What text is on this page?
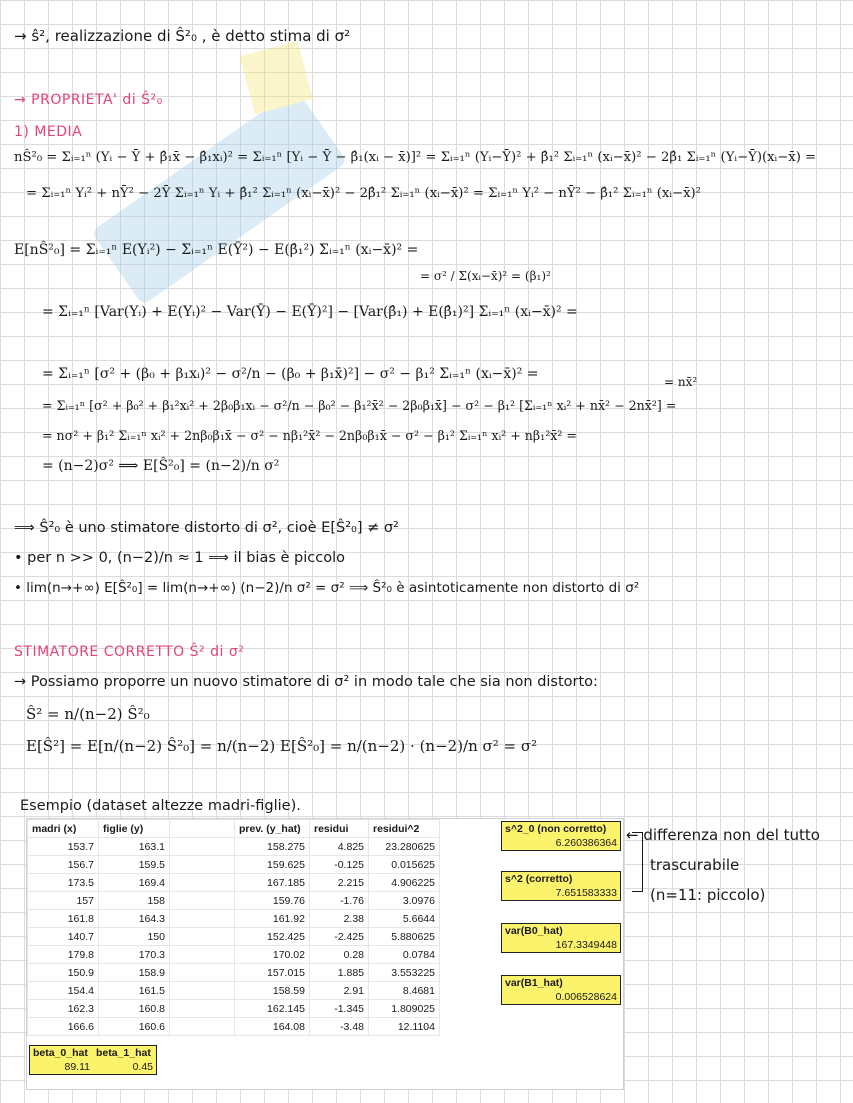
→ ŝ², realizzazione di Ŝ²₀ , è detto stima di σ²
→ PROPRIETA' di Ŝ²₀
1) MEDIA
nŜ²₀ = Σᵢ₌₁ⁿ (Yᵢ − Ȳ + β̂₁x̄ − β̂₁xᵢ)² = Σᵢ₌₁ⁿ [Yᵢ − Ȳ − β̂₁(xᵢ − x̄)]² = Σᵢ₌₁ⁿ (Yᵢ−Ȳ)² + β̂₁² Σᵢ₌₁ⁿ (xᵢ−x̄)² − 2β̂₁ Σᵢ₌₁ⁿ (Yᵢ−Ȳ)(xᵢ−x̄) =
= Σᵢ₌₁ⁿ Yᵢ² + nȲ² − 2Ȳ Σᵢ₌₁ⁿ Yᵢ + β̂₁² Σᵢ₌₁ⁿ (xᵢ−x̄)² − 2β̂₁² Σᵢ₌₁ⁿ (xᵢ−x̄)² = Σᵢ₌₁ⁿ Yᵢ² − nȲ² − β̂₁² Σᵢ₌₁ⁿ (xᵢ−x̄)²
E[nŜ²₀] = Σᵢ₌₁ⁿ E(Yᵢ²) − Σᵢ₌₁ⁿ E(Ȳ²) − E(β̂₁²) Σᵢ₌₁ⁿ (xᵢ−x̄)² =
= σ² / Σ(xᵢ−x̄)² = (β₁)²
= Σᵢ₌₁ⁿ [Var(Yᵢ) + E(Yᵢ)² − Var(Ȳ) − E(Ȳ)²] − [Var(β̂₁) + E(β̂₁)²] Σᵢ₌₁ⁿ (xᵢ−x̄)² =
= Σᵢ₌₁ⁿ [σ² + (β₀ + β₁xᵢ)² − σ²/n − (β₀ + β₁x̄)²] − σ² − β₁² Σᵢ₌₁ⁿ (xᵢ−x̄)² =	= nx̄²
= Σᵢ₌₁ⁿ [σ² + β₀² + β₁²xᵢ² + 2β₀β₁xᵢ − σ²/n − β₀² − β₁²x̄² − 2β₀β₁x̄] − σ² − β₁² [Σᵢ₌₁ⁿ xᵢ² + nx̄² − 2nx̄²] =
= nσ² + β₁² Σᵢ₌₁ⁿ xᵢ² + 2nβ₀β₁x̄ − σ² − nβ₁²x̄² − 2nβ₀β₁x̄ − σ² − β₁² Σᵢ₌₁ⁿ xᵢ² + nβ₁²x̄² =
= (n−2)σ² ⟹ E[Ŝ²₀] = (n−2)/n σ²
⟹ Ŝ²₀ è uno stimatore distorto di σ², cioè E[Ŝ²₀] ≠ σ²
• per n >> 0, (n−2)/n ≈ 1 ⟹ il bias è piccolo
• lim(n→+∞) E[Ŝ²₀] = lim(n→+∞) (n−2)/n σ² = σ² ⟹ Ŝ²₀ è asintoticamente non distorto di σ²
STIMATORE CORRETTO Ŝ² di σ²
→ Possiamo proporre un nuovo stimatore di σ² in modo tale che sia non distorto:
Ŝ² = n/(n−2) Ŝ²₀
E[Ŝ²] = E[n/(n−2) Ŝ²₀] = n/(n−2) E[Ŝ²₀] = n/(n−2) · (n−2)/n σ² = σ²
Esempio (dataset altezze madri-figlie).
madri (x)	figlie (y)		prev. (y_hat)	residui	residui^2
153.7	163.1		158.275	4.825	23.280625
156.7	159.5		159.625	-0.125	0.015625
173.5	169.4		167.185	2.215	4.906225
157	158		159.76	-1.76	3.0976
161.8	164.3		161.92	2.38	5.6644
140.7	150		152.425	-2.425	5.880625
179.8	170.3		170.02	0.28	0.0784
150.9	158.9		157.015	1.885	3.553225
154.4	161.5		158.59	2.91	8.4681
162.3	160.8		162.145	-1.345	1.809025
166.6	160.6		164.08	-3.48	12.1104
beta_0_hat beta_1_hat
89.11	0.45
s^2_0 (non corretto)
6.260386364
s^2 (corretto)
7.651583333
var(B0_hat)
167.3349448
var(B1_hat)
0.006528624
← differenza non del tutto
trascurabile
(n=11: piccolo)
